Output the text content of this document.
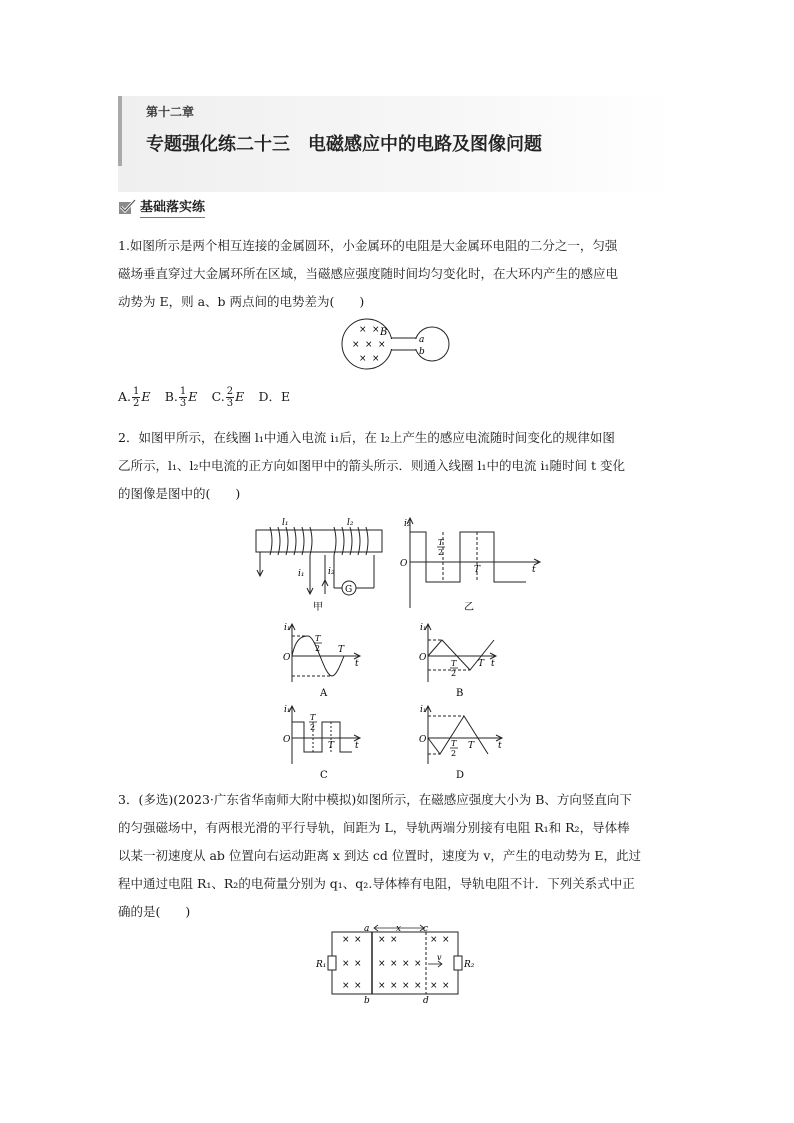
第十二章
专题强化练二十三　电磁感应中的电路及图像问题
基础落实练
1.如图所示是两个相互连接的金属圆环，小金属环的电阻是大金属环电阻的二分之一，匀强
磁场垂直穿过大金属环所在区域，当磁感应强度随时间均匀变化时，在大环内产生的感应电
动势为 E，则 a、b 两点间的电势差为(　　)
× ×
× × ×
× ×
B
a
b
A. $\frac{1}{2}$ E   B. $\frac{1}{3}$ E   C. $\frac{2}{3}$ E   D．E
2．如图甲所示，在线圈 l₁中通入电流 i₁后，在 l₂上产生的感应电流随时间变化的规律如图
乙所示，l₁、l₂中电流的正方向如图甲中的箭头所示．则通入线圈 l₁中的电流 i₁随时间 t 变化
的图像是图中的(　　)
G
l₁	l₂
i₁	i₂
甲
i₂
O
T
2
T	t
乙
i₁
O
T
2 T
t
A
i₁
O
T
2
T t
B
i₁
O
T
2
T t
C
i₁
O	T
2
T	t
D
3．(多选)(2023·广东省华南师大附中模拟)如图所示，在磁感应强度大小为 B、方向竖直向下
的匀强磁场中，有两根光滑的平行导轨，间距为 L，导轨两端分别接有电阻 R₁和 R₂，导体棒
以某一初速度从 ab 位置向右运动距离 x 到达 cd 位置时，速度为 v，产生的电动势为 E，此过
程中通过电阻 R₁、R₂的电荷量分别为 q₁、q₂.导体棒有电阻，导轨电阻不计．下列关系式中正
确的是(　　)
× × × ×	× ×
× × × × × ×
× × × × × × × ×
a
b
c
d
x
v
R₁	R₂
